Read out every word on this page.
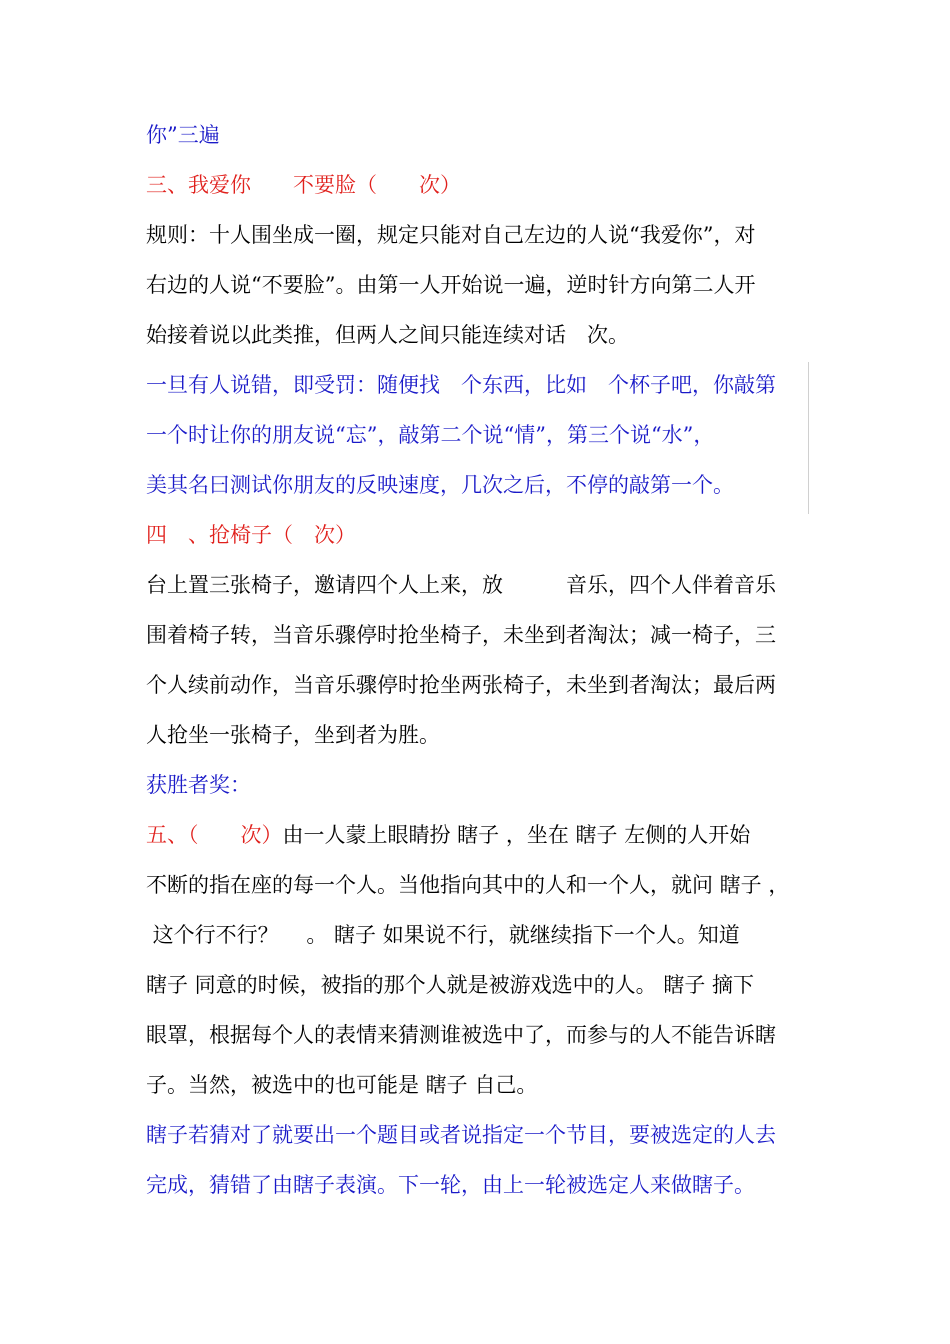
你”三遍
三、我爱你　　不要脸（　　次）
规则：十人围坐成一圈，规定只能对自己左边的人说“我爱你”，对
右边的人说“不要脸”。由第一人开始说一遍，逆时针方向第二人开
始接着说以此类推，但两人之间只能连续对话　次。
一旦有人说错，即受罚：随便找　个东西，比如　个杯子吧，你敲第
一个时让你的朋友说“忘”，敲第二个说“情”，第三个说“水”，
美其名曰测试你朋友的反映速度，几次之后，不停的敲第一个。
四　、抢椅子（　次）
台上置三张椅子，邀请四个人上来，放　　　音乐，四个人伴着音乐
围着椅子转，当音乐骤停时抢坐椅子，未坐到者淘汰；减一椅子，三
个人续前动作，当音乐骤停时抢坐两张椅子，未坐到者淘汰；最后两
人抢坐一张椅子，坐到者为胜。
获胜者奖：
五、（　　次）由一人蒙上眼睛扮 瞎子 ，坐在 瞎子 左侧的人开始
不断的指在座的每一个人。当他指向其中的人和一个人，就问 瞎子 ，
这个行不行？　 。 瞎子 如果说不行，就继续指下一个人。知道
瞎子 同意的时候，被指的那个人就是被游戏选中的人。 瞎子 摘下
眼罩，根据每个人的表情来猜测谁被选中了，而参与的人不能告诉瞎
子。当然，被选中的也可能是 瞎子 自己。
瞎子若猜对了就要出一个题目或者说指定一个节目，要被选定的人去
完成，猜错了由瞎子表演。下一轮，由上一轮被选定人来做瞎子。
